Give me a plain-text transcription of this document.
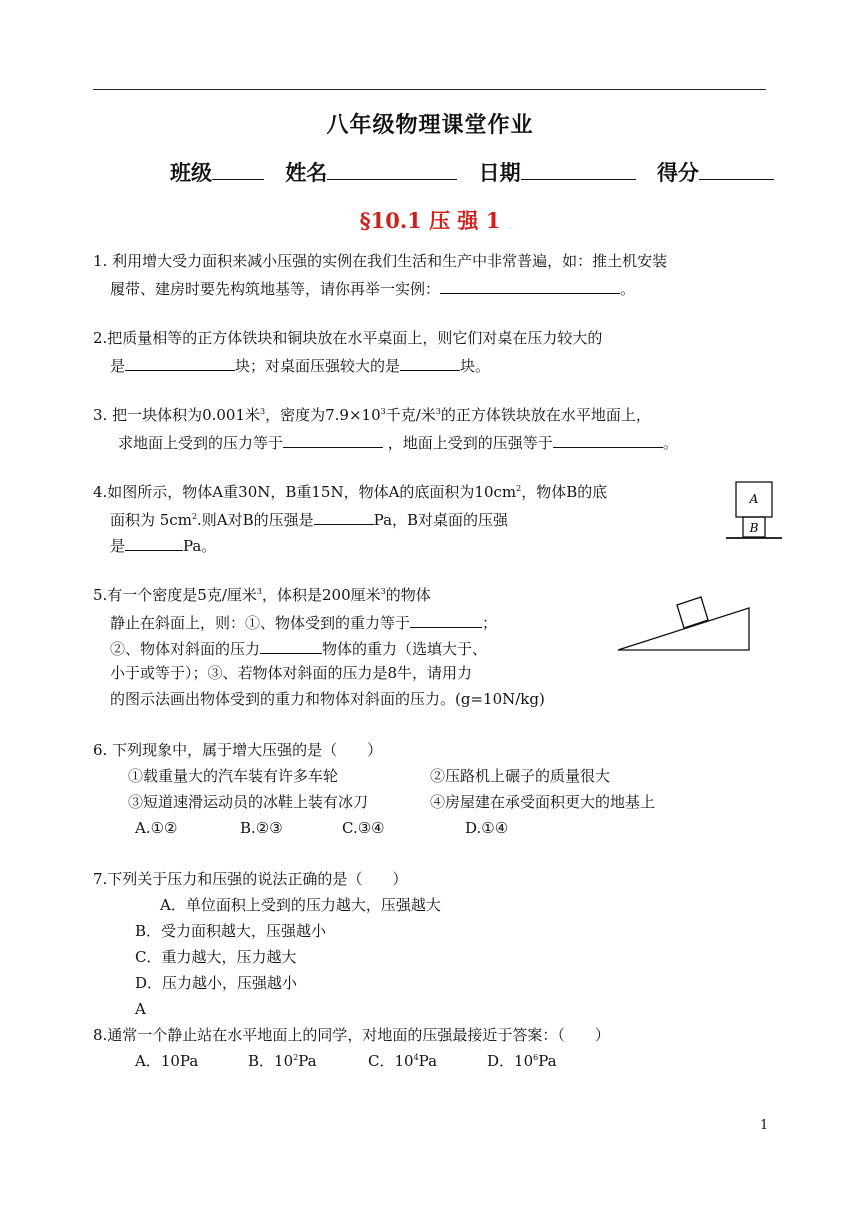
八年级物理课堂作业
班级	姓名	日期	得分
§10.1 压 强 1
1. 利用增大受力面积来减小压强的实例在我们生活和生产中非常普遍，如：推土机安装
履带、建房时要先构筑地基等，请你再举一实例：	。
2.把质量相等的正方体铁块和铜块放在水平桌面上，则它们对桌在压力较大的
是	块；对桌面压强较大的是	块。
3. 把一块体积为0.001米$^3$，密度为$7.9\times 10^3$千克/米$^3$的正方体铁块放在水平地面上，
求地面上受到的压力等于	，地面上受到的压强等于	。
4.如图所示，物体A重30N，B重15N，物体A的底面积为$10cm^2$，物体B的底
面积为 $5cm^2$.则A对B的压强是	Pa，B对桌面的压强
是	Pa。
A
B
5.有一个密度是5克/厘米$^3$，体积是200厘米$^3$的物体
静止在斜面上，则：①、物体受到的重力等于	；
②、物体对斜面的压力	物体的重力（选填大于、
小于或等于）；③、若物体对斜面的压力是8牛，请用力
的图示法画出物体受到的重力和物体对斜面的压力。(g=10N/kg)
6. 下列现象中，属于增大压强的是（　　）
①载重量大的汽车装有许多车轮	②压路机上碾子的质量很大
③短道速滑运动员的冰鞋上装有冰刀	④房屋建在承受面积更大的地基上
A.①②	B.②③	C.③④	D.①④
7.下列关于压力和压强的说法正确的是（　　）
A．单位面积上受到的压力越大，压强越大
B．受力面积越大，压强越小
C．重力越大，压力越大
D．压力越小，压强越小
A
8.通常一个静止站在水平地面上的同学，对地面的压强最接近于答案：（　　）
A．10Pa	B．$10^2Pa$	C．$10^4Pa$	D．$10^6Pa$
1
